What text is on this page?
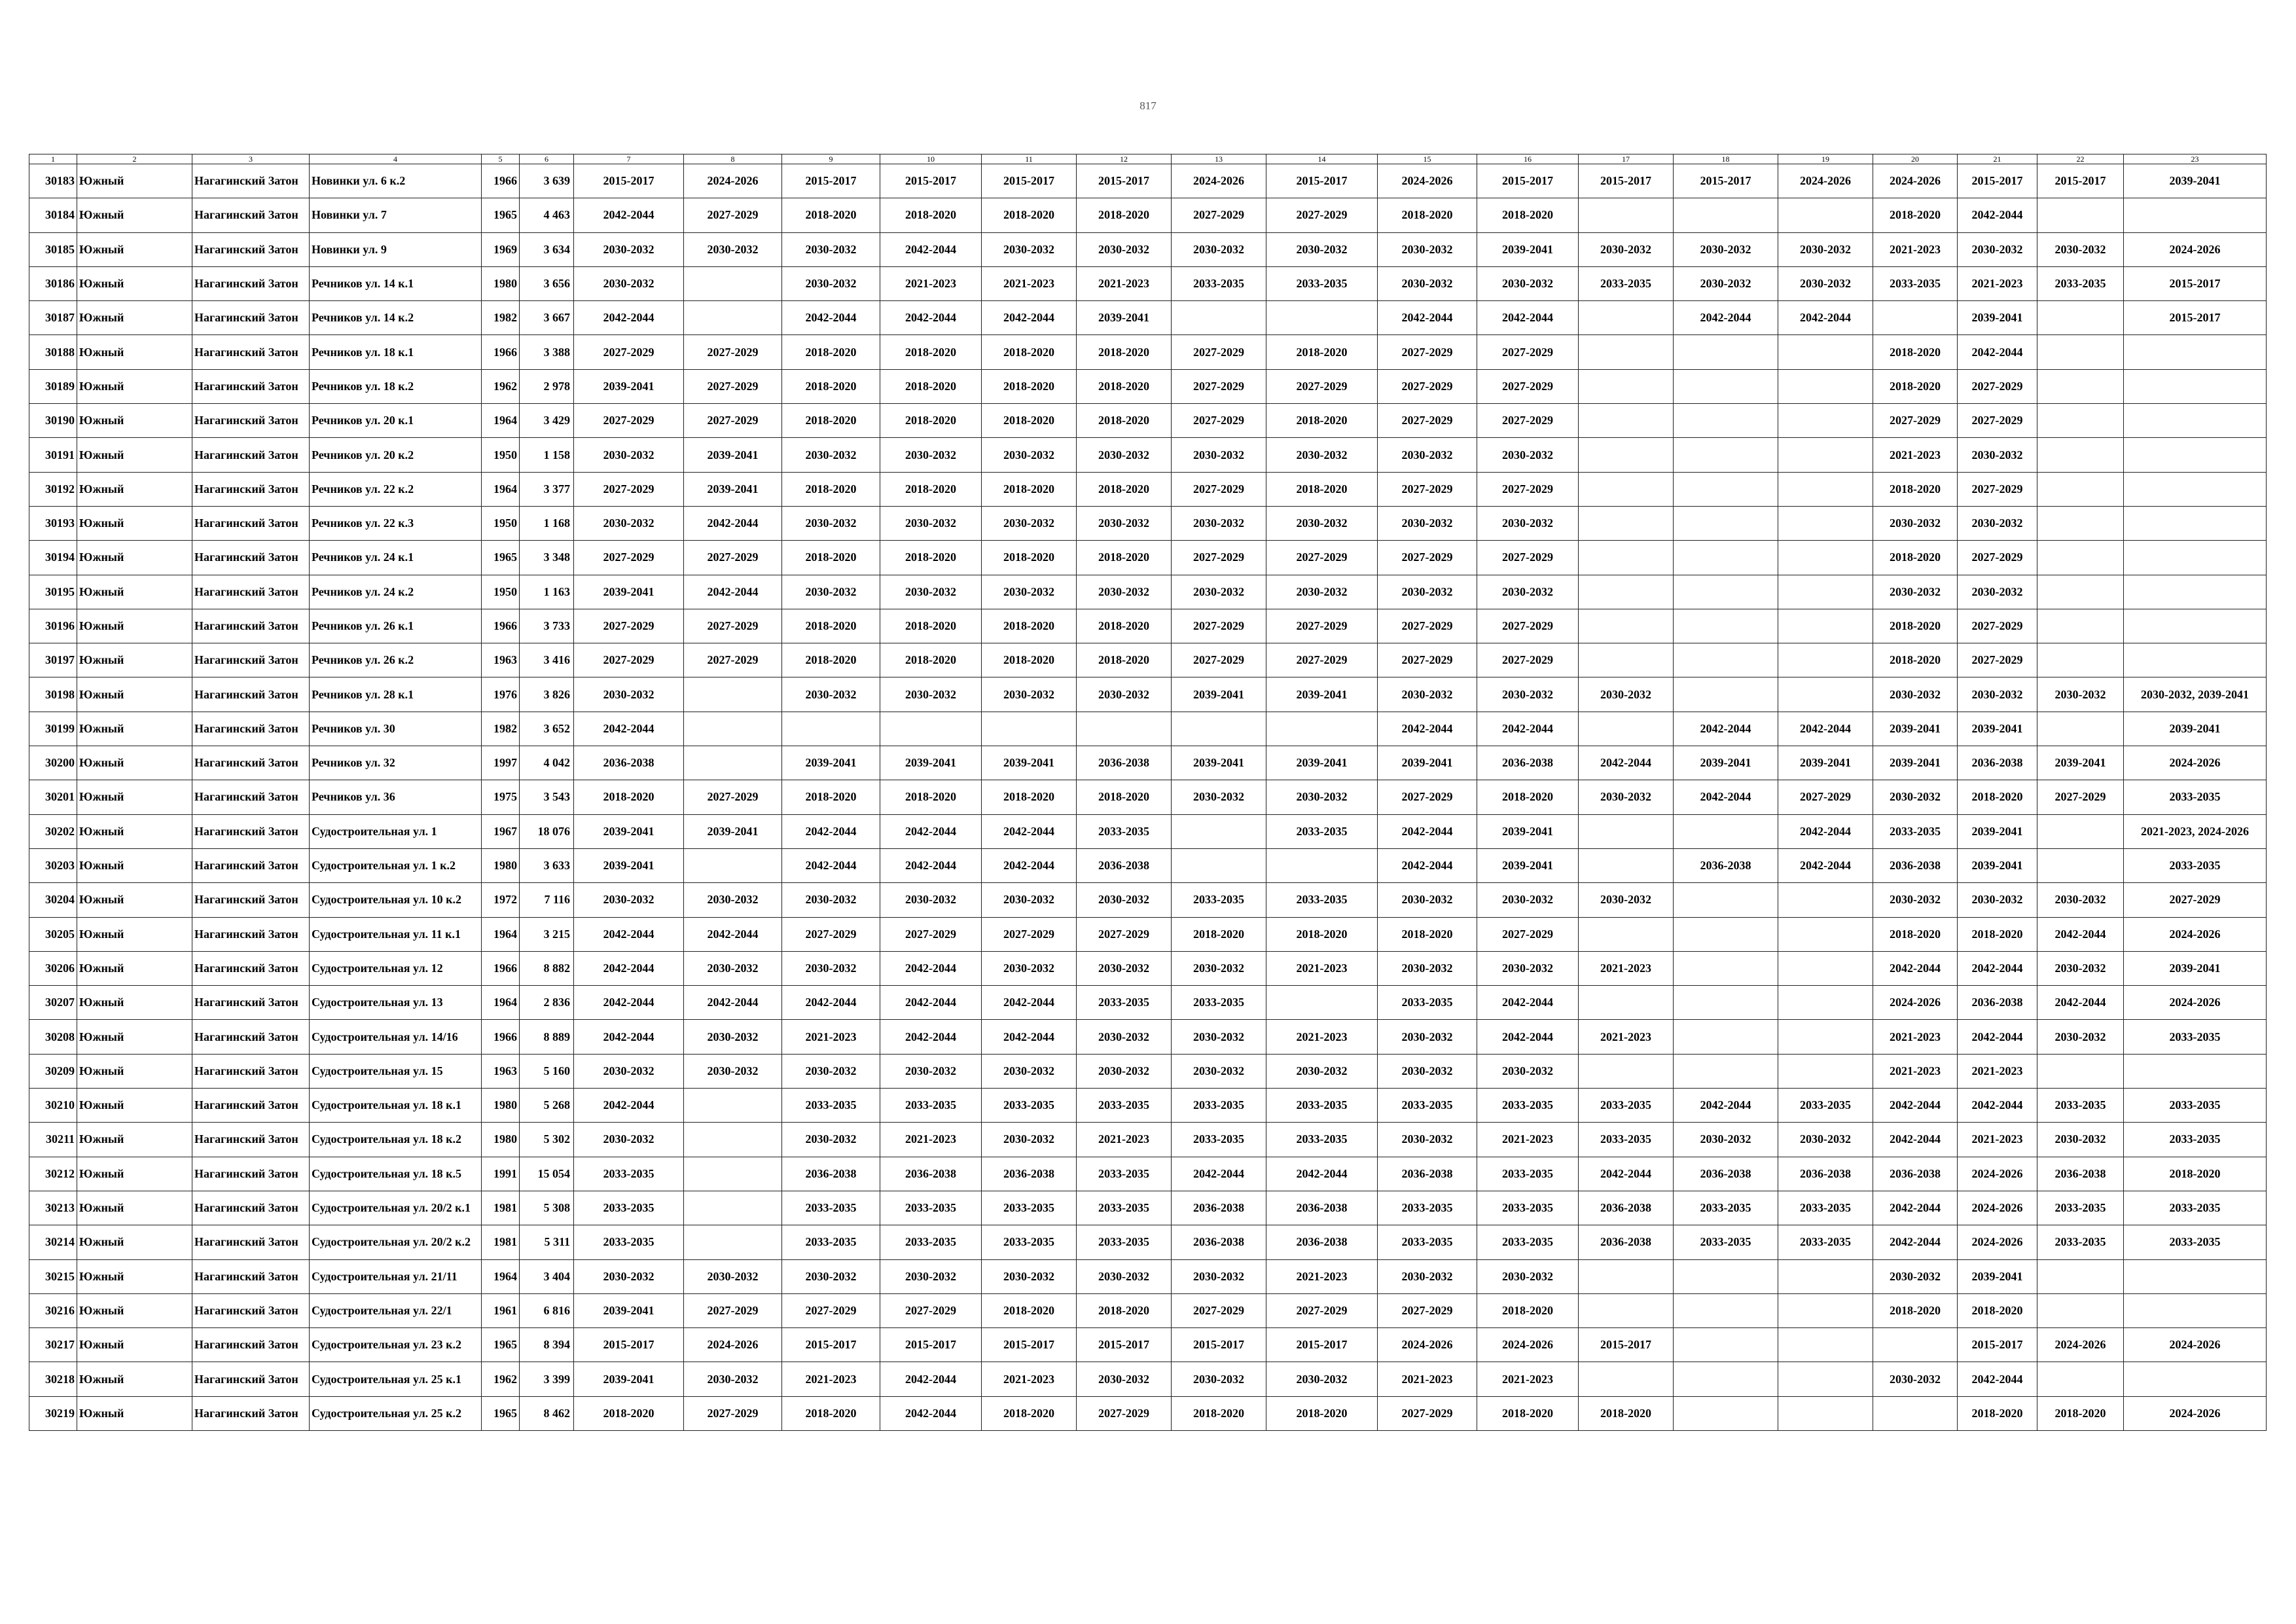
817
1	2	3	4	5	6	7	8	9	10	11	12	13	14	15	16	17	18	19	20	21	22	23
30183	Южный	Нагагинский Затон	Новинки ул. 6 к.2	1966	3 639	2015-2017	2024-2026	2015-2017	2015-2017	2015-2017	2015-2017	2024-2026	2015-2017	2024-2026	2015-2017	2015-2017	2015-2017	2024-2026	2024-2026	2015-2017	2015-2017	2039-2041
30184	Южный	Нагагинский Затон	Новинки ул. 7	1965	4 463	2042-2044	2027-2029	2018-2020	2018-2020	2018-2020	2018-2020	2027-2029	2027-2029	2018-2020	2018-2020				2018-2020	2042-2044		
30185	Южный	Нагагинский Затон	Новинки ул. 9	1969	3 634	2030-2032	2030-2032	2030-2032	2042-2044	2030-2032	2030-2032	2030-2032	2030-2032	2030-2032	2039-2041	2030-2032	2030-2032	2030-2032	2021-2023	2030-2032	2030-2032	2024-2026
30186	Южный	Нагагинский Затон	Речников ул. 14 к.1	1980	3 656	2030-2032		2030-2032	2021-2023	2021-2023	2021-2023	2033-2035	2033-2035	2030-2032	2030-2032	2033-2035	2030-2032	2030-2032	2033-2035	2021-2023	2033-2035	2015-2017
30187	Южный	Нагагинский Затон	Речников ул. 14 к.2	1982	3 667	2042-2044		2042-2044	2042-2044	2042-2044	2039-2041			2042-2044	2042-2044		2042-2044	2042-2044		2039-2041		2015-2017
30188	Южный	Нагагинский Затон	Речников ул. 18 к.1	1966	3 388	2027-2029	2027-2029	2018-2020	2018-2020	2018-2020	2018-2020	2027-2029	2018-2020	2027-2029	2027-2029				2018-2020	2042-2044		
30189	Южный	Нагагинский Затон	Речников ул. 18 к.2	1962	2 978	2039-2041	2027-2029	2018-2020	2018-2020	2018-2020	2018-2020	2027-2029	2027-2029	2027-2029	2027-2029				2018-2020	2027-2029		
30190	Южный	Нагагинский Затон	Речников ул. 20 к.1	1964	3 429	2027-2029	2027-2029	2018-2020	2018-2020	2018-2020	2018-2020	2027-2029	2018-2020	2027-2029	2027-2029				2027-2029	2027-2029		
30191	Южный	Нагагинский Затон	Речников ул. 20 к.2	1950	1 158	2030-2032	2039-2041	2030-2032	2030-2032	2030-2032	2030-2032	2030-2032	2030-2032	2030-2032	2030-2032				2021-2023	2030-2032		
30192	Южный	Нагагинский Затон	Речников ул. 22 к.2	1964	3 377	2027-2029	2039-2041	2018-2020	2018-2020	2018-2020	2018-2020	2027-2029	2018-2020	2027-2029	2027-2029				2018-2020	2027-2029		
30193	Южный	Нагагинский Затон	Речников ул. 22 к.3	1950	1 168	2030-2032	2042-2044	2030-2032	2030-2032	2030-2032	2030-2032	2030-2032	2030-2032	2030-2032	2030-2032				2030-2032	2030-2032		
30194	Южный	Нагагинский Затон	Речников ул. 24 к.1	1965	3 348	2027-2029	2027-2029	2018-2020	2018-2020	2018-2020	2018-2020	2027-2029	2027-2029	2027-2029	2027-2029				2018-2020	2027-2029		
30195	Южный	Нагагинский Затон	Речников ул. 24 к.2	1950	1 163	2039-2041	2042-2044	2030-2032	2030-2032	2030-2032	2030-2032	2030-2032	2030-2032	2030-2032	2030-2032				2030-2032	2030-2032		
30196	Южный	Нагагинский Затон	Речников ул. 26 к.1	1966	3 733	2027-2029	2027-2029	2018-2020	2018-2020	2018-2020	2018-2020	2027-2029	2027-2029	2027-2029	2027-2029				2018-2020	2027-2029		
30197	Южный	Нагагинский Затон	Речников ул. 26 к.2	1963	3 416	2027-2029	2027-2029	2018-2020	2018-2020	2018-2020	2018-2020	2027-2029	2027-2029	2027-2029	2027-2029				2018-2020	2027-2029		
30198	Южный	Нагагинский Затон	Речников ул. 28 к.1	1976	3 826	2030-2032		2030-2032	2030-2032	2030-2032	2030-2032	2039-2041	2039-2041	2030-2032	2030-2032	2030-2032			2030-2032	2030-2032	2030-2032	2030-2032, 2039-2041
30199	Южный	Нагагинский Затон	Речников ул. 30	1982	3 652	2042-2044								2042-2044	2042-2044		2042-2044	2042-2044	2039-2041	2039-2041		2039-2041
30200	Южный	Нагагинский Затон	Речников ул. 32	1997	4 042	2036-2038		2039-2041	2039-2041	2039-2041	2036-2038	2039-2041	2039-2041	2039-2041	2036-2038	2042-2044	2039-2041	2039-2041	2039-2041	2036-2038	2039-2041	2024-2026
30201	Южный	Нагагинский Затон	Речников ул. 36	1975	3 543	2018-2020	2027-2029	2018-2020	2018-2020	2018-2020	2018-2020	2030-2032	2030-2032	2027-2029	2018-2020	2030-2032	2042-2044	2027-2029	2030-2032	2018-2020	2027-2029	2033-2035
30202	Южный	Нагагинский Затон	Судостроительная ул. 1	1967	18 076	2039-2041	2039-2041	2042-2044	2042-2044	2042-2044	2033-2035		2033-2035	2042-2044	2039-2041			2042-2044	2033-2035	2039-2041		2021-2023, 2024-2026
30203	Южный	Нагагинский Затон	Судостроительная ул. 1 к.2	1980	3 633	2039-2041		2042-2044	2042-2044	2042-2044	2036-2038			2042-2044	2039-2041		2036-2038	2042-2044	2036-2038	2039-2041		2033-2035
30204	Южный	Нагагинский Затон	Судостроительная ул. 10 к.2	1972	7 116	2030-2032	2030-2032	2030-2032	2030-2032	2030-2032	2030-2032	2033-2035	2033-2035	2030-2032	2030-2032	2030-2032			2030-2032	2030-2032	2030-2032	2027-2029
30205	Южный	Нагагинский Затон	Судостроительная ул. 11 к.1	1964	3 215	2042-2044	2042-2044	2027-2029	2027-2029	2027-2029	2027-2029	2018-2020	2018-2020	2018-2020	2027-2029				2018-2020	2018-2020	2042-2044	2024-2026
30206	Южный	Нагагинский Затон	Судостроительная ул. 12	1966	8 882	2042-2044	2030-2032	2030-2032	2042-2044	2030-2032	2030-2032	2030-2032	2021-2023	2030-2032	2030-2032	2021-2023			2042-2044	2042-2044	2030-2032	2039-2041
30207	Южный	Нагагинский Затон	Судостроительная ул. 13	1964	2 836	2042-2044	2042-2044	2042-2044	2042-2044	2042-2044	2033-2035	2033-2035		2033-2035	2042-2044				2024-2026	2036-2038	2042-2044	2024-2026
30208	Южный	Нагагинский Затон	Судостроительная ул. 14/16	1966	8 889	2042-2044	2030-2032	2021-2023	2042-2044	2042-2044	2030-2032	2030-2032	2021-2023	2030-2032	2042-2044	2021-2023			2021-2023	2042-2044	2030-2032	2033-2035
30209	Южный	Нагагинский Затон	Судостроительная ул. 15	1963	5 160	2030-2032	2030-2032	2030-2032	2030-2032	2030-2032	2030-2032	2030-2032	2030-2032	2030-2032	2030-2032				2021-2023	2021-2023		
30210	Южный	Нагагинский Затон	Судостроительная ул. 18 к.1	1980	5 268	2042-2044		2033-2035	2033-2035	2033-2035	2033-2035	2033-2035	2033-2035	2033-2035	2033-2035	2033-2035	2042-2044	2033-2035	2042-2044	2042-2044	2033-2035	2033-2035
30211	Южный	Нагагинский Затон	Судостроительная ул. 18 к.2	1980	5 302	2030-2032		2030-2032	2021-2023	2030-2032	2021-2023	2033-2035	2033-2035	2030-2032	2021-2023	2033-2035	2030-2032	2030-2032	2042-2044	2021-2023	2030-2032	2033-2035
30212	Южный	Нагагинский Затон	Судостроительная ул. 18 к.5	1991	15 054	2033-2035		2036-2038	2036-2038	2036-2038	2033-2035	2042-2044	2042-2044	2036-2038	2033-2035	2042-2044	2036-2038	2036-2038	2036-2038	2024-2026	2036-2038	2018-2020
30213	Южный	Нагагинский Затон	Судостроительная ул. 20/2 к.1	1981	5 308	2033-2035		2033-2035	2033-2035	2033-2035	2033-2035	2036-2038	2036-2038	2033-2035	2033-2035	2036-2038	2033-2035	2033-2035	2042-2044	2024-2026	2033-2035	2033-2035
30214	Южный	Нагагинский Затон	Судостроительная ул. 20/2 к.2	1981	5 311	2033-2035		2033-2035	2033-2035	2033-2035	2033-2035	2036-2038	2036-2038	2033-2035	2033-2035	2036-2038	2033-2035	2033-2035	2042-2044	2024-2026	2033-2035	2033-2035
30215	Южный	Нагагинский Затон	Судостроительная ул. 21/11	1964	3 404	2030-2032	2030-2032	2030-2032	2030-2032	2030-2032	2030-2032	2030-2032	2021-2023	2030-2032	2030-2032				2030-2032	2039-2041		
30216	Южный	Нагагинский Затон	Судостроительная ул. 22/1	1961	6 816	2039-2041	2027-2029	2027-2029	2027-2029	2018-2020	2018-2020	2027-2029	2027-2029	2027-2029	2018-2020				2018-2020	2018-2020		
30217	Южный	Нагагинский Затон	Судостроительная ул. 23 к.2	1965	8 394	2015-2017	2024-2026	2015-2017	2015-2017	2015-2017	2015-2017	2015-2017	2015-2017	2024-2026	2024-2026	2015-2017				2015-2017	2024-2026	2024-2026
30218	Южный	Нагагинский Затон	Судостроительная ул. 25 к.1	1962	3 399	2039-2041	2030-2032	2021-2023	2042-2044	2021-2023	2030-2032	2030-2032	2030-2032	2021-2023	2021-2023				2030-2032	2042-2044		
30219	Южный	Нагагинский Затон	Судостроительная ул. 25 к.2	1965	8 462	2018-2020	2027-2029	2018-2020	2042-2044	2018-2020	2027-2029	2018-2020	2018-2020	2027-2029	2018-2020	2018-2020				2018-2020	2018-2020	2024-2026
